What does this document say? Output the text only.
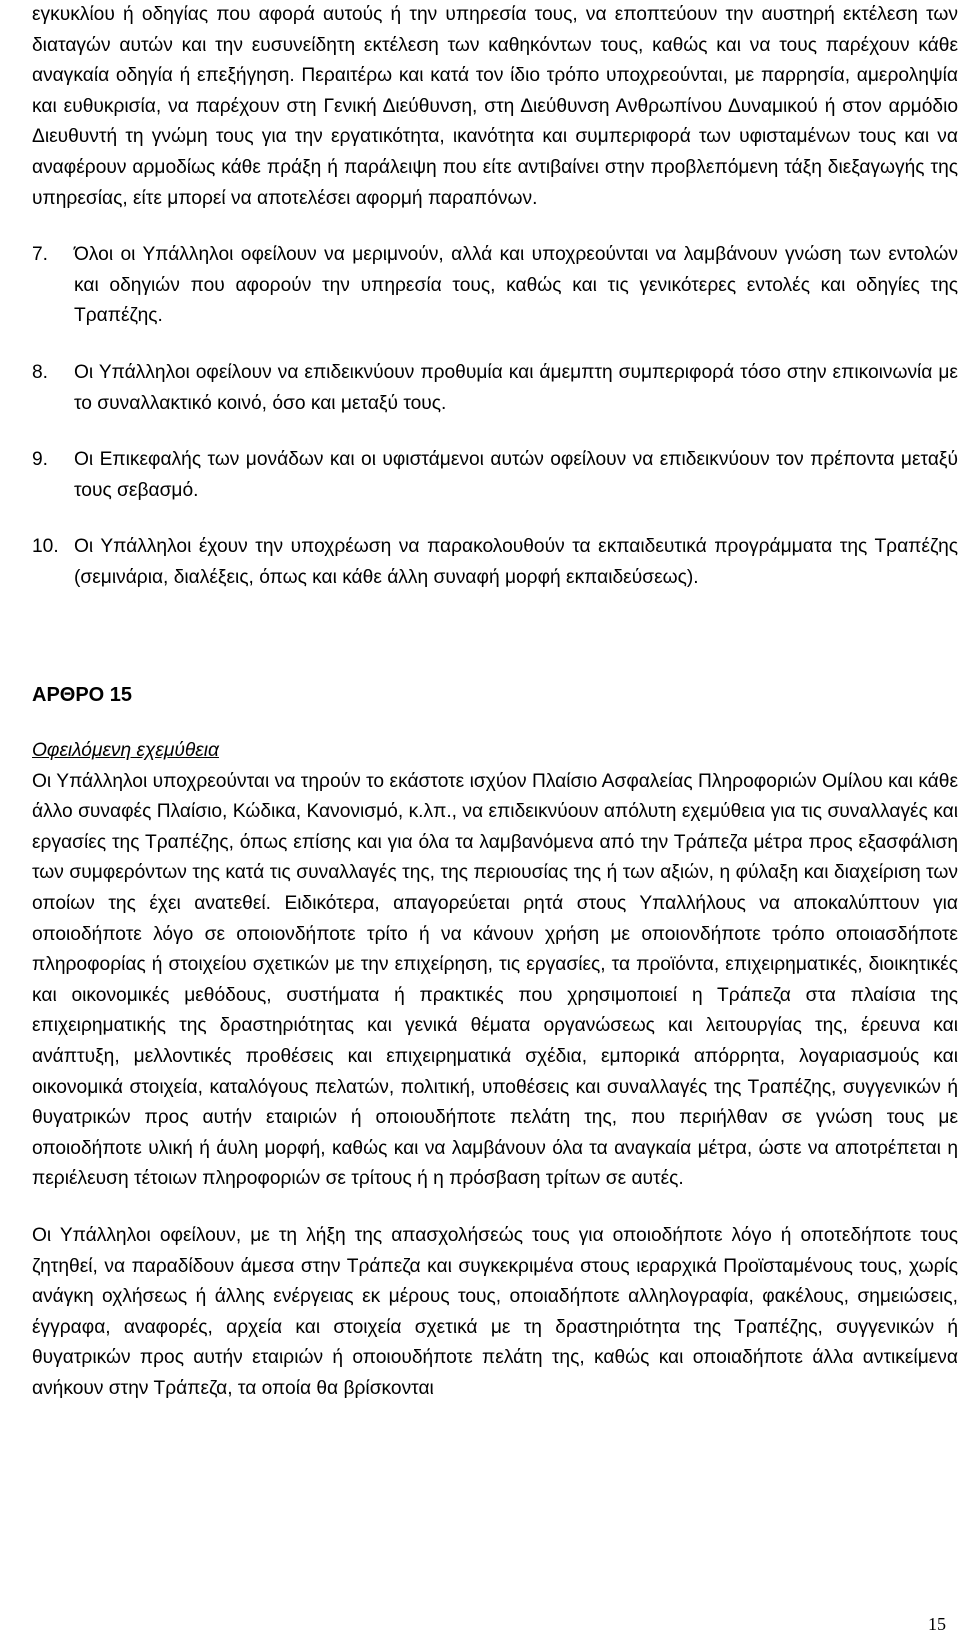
εγκυκλίου ή οδηγίας που αφορά αυτούς ή την υπηρεσία τους, να εποπτεύουν την αυστηρή εκτέλεση των διαταγών αυτών και την ευσυνείδητη εκτέλεση των καθηκόντων τους, καθώς και να τους παρέχουν κάθε αναγκαία οδηγία ή επεξήγηση. Περαιτέρω και κατά τον ίδιο τρόπο υποχρεούνται, με παρρησία, αμεροληψία και ευθυκρισία, να παρέχουν στη Γενική Διεύθυνση, στη Διεύθυνση Ανθρωπίνου Δυναμικού ή στον αρμόδιο Διευθυντή τη γνώμη τους για την εργατικότητα, ικανότητα και συμπεριφορά των υφισταμένων τους και να αναφέρουν αρμοδίως κάθε πράξη ή παράλειψη που είτε αντιβαίνει στην προβλεπόμενη τάξη διεξαγωγής της υπηρεσίας, είτε μπορεί να αποτελέσει αφορμή παραπόνων.

7. Όλοι οι Υπάλληλοι οφείλουν να μεριμνούν, αλλά και υποχρεούνται να λαμβάνουν γνώση των εντολών και οδηγιών που αφορούν την υπηρεσία τους, καθώς και τις γενικότερες εντολές και οδηγίες της Τραπέζης.

8. Οι Υπάλληλοι οφείλουν να επιδεικνύουν προθυμία και άμεμπτη συμπεριφορά τόσο στην επικοινωνία με το συναλλακτικό κοινό, όσο και μεταξύ τους.

9. Οι Επικεφαλής των μονάδων και οι υφιστάμενοι αυτών οφείλουν να επιδεικνύουν τον πρέποντα μεταξύ τους σεβασμό.

10. Οι Υπάλληλοι έχουν την υποχρέωση να παρακολουθούν τα εκπαιδευτικά προγράμματα της Τραπέζης (σεμινάρια, διαλέξεις, όπως και κάθε άλλη συναφή μορφή εκπαιδεύσεως).

ΑΡΘΡΟ 15

Οφειλόμενη εχεμύθεια

Οι Υπάλληλοι υποχρεούνται να τηρούν το εκάστοτε ισχύον Πλαίσιο Ασφαλείας Πληροφοριών Ομίλου και κάθε άλλο συναφές Πλαίσιο, Κώδικα, Κανονισμό, κ.λπ., να επιδεικνύουν απόλυτη εχεμύθεια για τις συναλλαγές και εργασίες της Τραπέζης, όπως επίσης και για όλα τα λαμβανόμενα από την Τράπεζα μέτρα προς εξασφάλιση των συμφερόντων της κατά τις συναλλαγές της, της περιουσίας της ή των αξιών, η φύλαξη και διαχείριση των οποίων της έχει ανατεθεί. Ειδικότερα, απαγορεύεται ρητά στους Υπαλλήλους να αποκαλύπτουν για οποιοδήποτε λόγο σε οποιονδήποτε τρίτο ή να κάνουν χρήση με οποιονδήποτε τρόπο οποιασδήποτε πληροφορίας ή στοιχείου σχετικών με την επιχείρηση, τις εργασίες, τα προϊόντα, επιχειρηματικές, διοικητικές και οικονομικές μεθόδους, συστήματα ή πρακτικές που χρησιμοποιεί η Τράπεζα στα πλαίσια της επιχειρηματικής της δραστηριότητας και γενικά θέματα οργανώσεως και λειτουργίας της, έρευνα και ανάπτυξη, μελλοντικές προθέσεις και επιχειρηματικά σχέδια, εμπορικά απόρρητα, λογαριασμούς και οικονομικά στοιχεία, καταλόγους πελατών, πολιτική, υποθέσεις και συναλλαγές της Τραπέζης, συγγενικών ή θυγατρικών προς αυτήν εταιριών ή οποιουδήποτε πελάτη της, που περιήλθαν σε γνώση τους με οποιοδήποτε υλική ή άυλη μορφή, καθώς και να λαμβάνουν όλα τα αναγκαία μέτρα, ώστε να αποτρέπεται η περιέλευση τέτοιων πληροφοριών σε τρίτους ή η πρόσβαση τρίτων σε αυτές.

Οι Υπάλληλοι οφείλουν, με τη λήξη της απασχολήσεώς τους για οποιοδήποτε λόγο ή οποτεδήποτε τους ζητηθεί, να παραδίδουν άμεσα στην Τράπεζα και συγκεκριμένα στους ιεραρχικά Προϊσταμένους τους, χωρίς ανάγκη οχλήσεως ή άλλης ενέργειας εκ μέρους τους, οποιαδήποτε αλληλογραφία, φακέλους, σημειώσεις, έγγραφα, αναφορές, αρχεία και στοιχεία σχετικά με τη δραστηριότητα της Τραπέζης, συγγενικών ή θυγατρικών προς αυτήν εταιριών ή οποιουδήποτε πελάτη της, καθώς και οποιαδήποτε άλλα αντικείμενα ανήκουν στην Τράπεζα, τα οποία θα βρίσκονται

15
